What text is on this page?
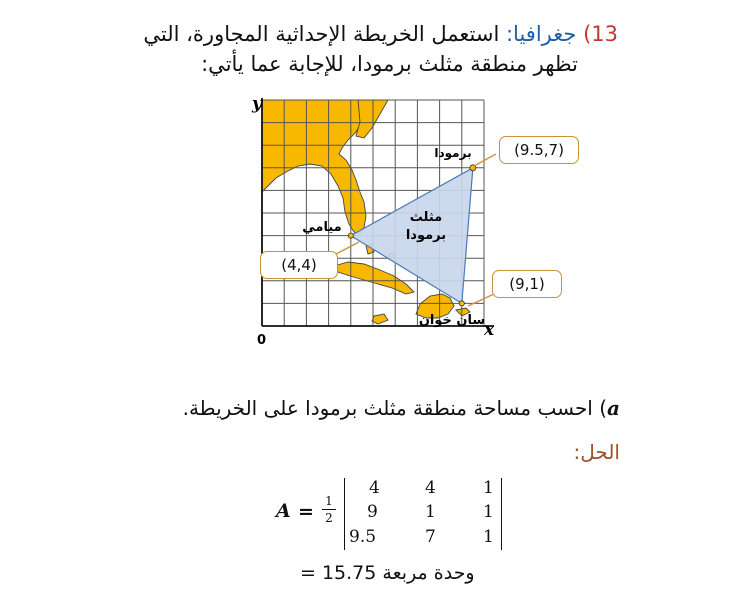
13) جغرافيا: استعمل الخريطة الإحداثية المجاورة، التي
تظهر منطقة مثلث برمودا، للإجابة عما يأتي:
y
x
0
مثلث
برمودا
ميامي
برمودا
سان خوان
(9.5,7)
(4,4)
(9,1)
a) احسب مساحة منطقة مثلث برمودا على الخريطة.
الحل:
A = 1
2
4	4	1
9	1	1
9.5	7	1
=	وحدة مربعة 15.75
